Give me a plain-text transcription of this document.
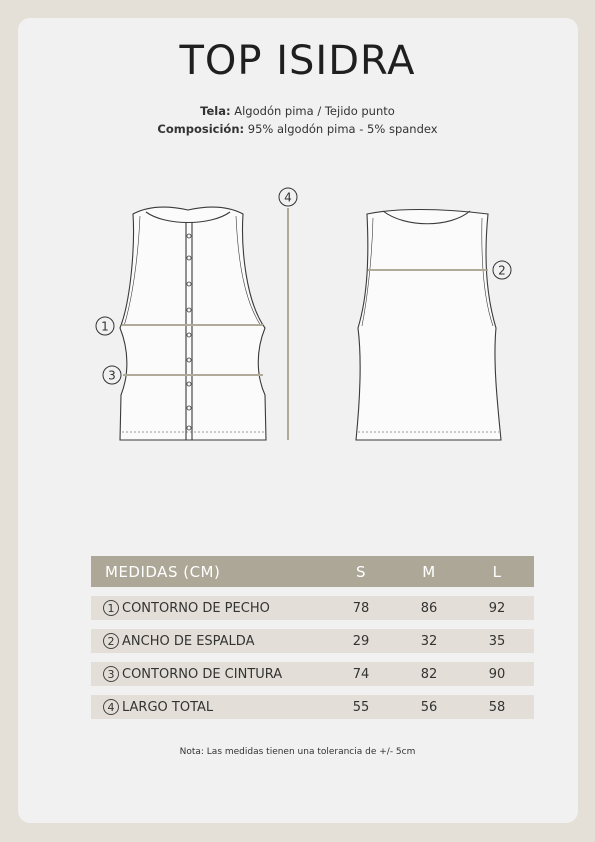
TOP ISIDRA
Tela: Algodón pima / Tejido punto
Composición: 95% algodón pima - 5% spandex
1
2
3
4
MEDIDAS (CM)	S	M	L
1 CONTORNO DE PECHO	78	86	92
2 ANCHO DE ESPALDA	29	32	35
3 CONTORNO DE CINTURA	74	82	90
4 LARGO TOTAL	55	56	58
Nota: Las medidas tienen una tolerancia de +/- 5cm
